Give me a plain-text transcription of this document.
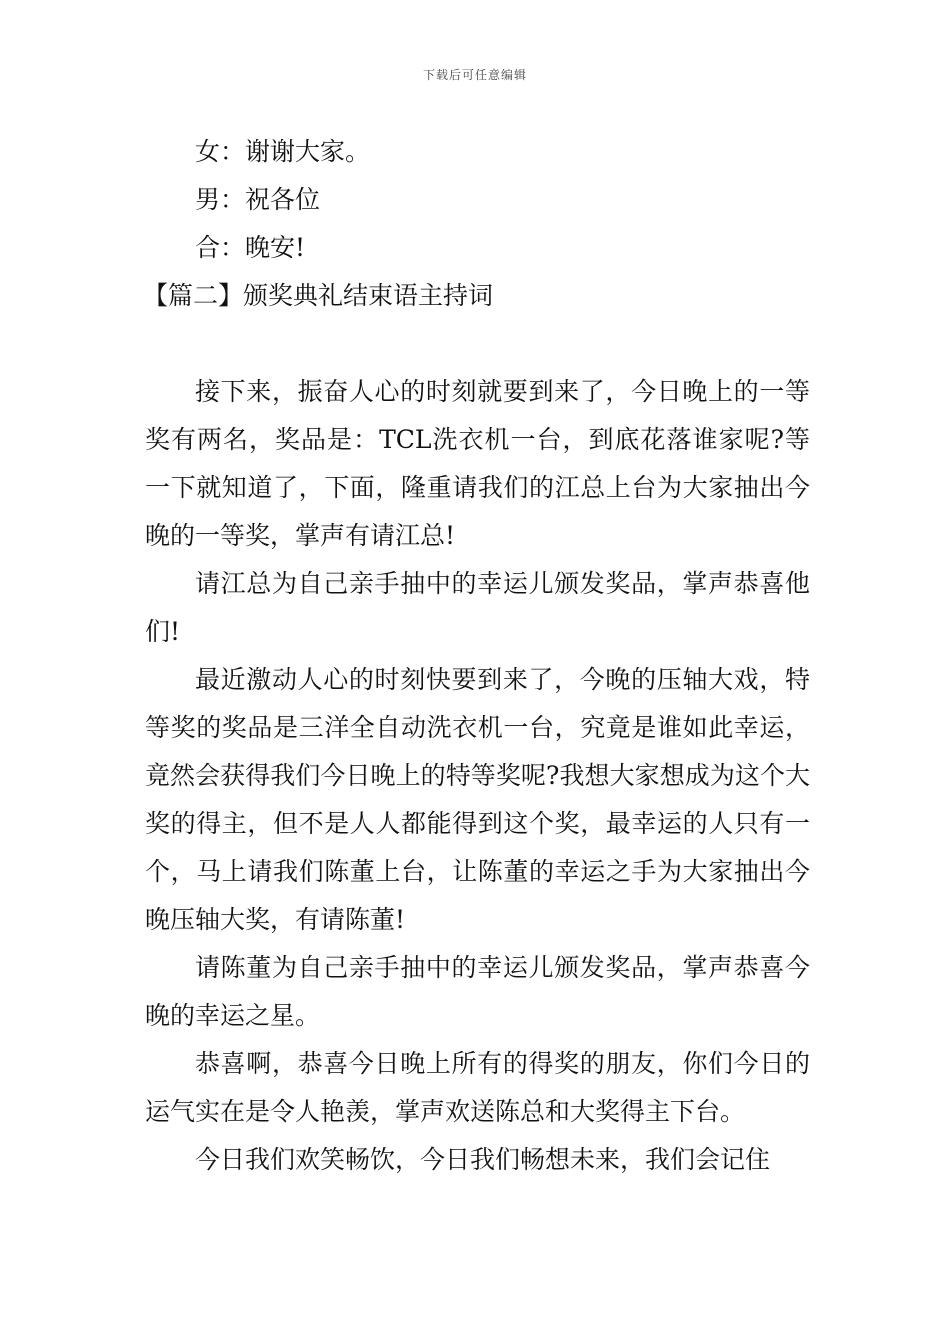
下载后可任意编辑
女：谢谢大家。
男：祝各位
合：晚安!
【篇二】颁奖典礼结束语主持词

接下来，振奋人心的时刻就要到来了，今日晚上的一等奖有两名，奖品是：TCL洗衣机一台，到底花落谁家呢?等一下就知道了，下面，隆重请我们的江总上台为大家抽出今晚的一等奖，掌声有请江总!

请江总为自己亲手抽中的幸运儿颁发奖品，掌声恭喜他们!

最近激动人心的时刻快要到来了，今晚的压轴大戏，特等奖的奖品是三洋全自动洗衣机一台，究竟是谁如此幸运，竟然会获得我们今日晚上的特等奖呢?我想大家想成为这个大奖的得主，但不是人人都能得到这个奖，最幸运的人只有一个，马上请我们陈董上台，让陈董的幸运之手为大家抽出今晚压轴大奖，有请陈董!

请陈董为自己亲手抽中的幸运儿颁发奖品，掌声恭喜今晚的幸运之星。

恭喜啊，恭喜今日晚上所有的得奖的朋友，你们今日的运气实在是令人艳羡，掌声欢送陈总和大奖得主下台。

今日我们欢笑畅饮，今日我们畅想未来，我们会记住
